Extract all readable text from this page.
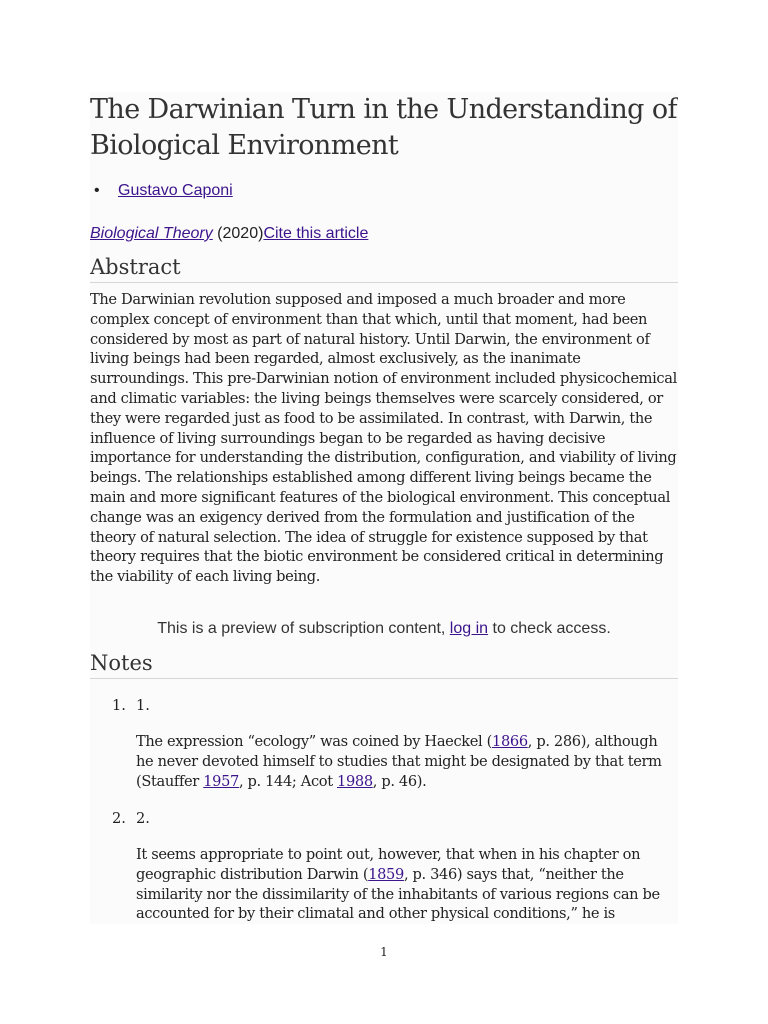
The Darwinian Turn in the Understanding of Biological Environment
• Gustavo Caponi
Biological Theory (2020)Cite this article
Abstract

The Darwinian revolution supposed and imposed a much broader and more complex concept of environment than that which, until that moment, had been considered by most as part of natural history. Until Darwin, the environment of living beings had been regarded, almost exclusively, as the inanimate surroundings. This pre-Darwinian notion of environment included physicochemical and climatic variables: the living beings themselves were scarcely considered, or they were regarded just as food to be assimilated. In contrast, with Darwin, the influence of living surroundings began to be regarded as having decisive importance for understanding the distribution, configuration, and viability of living beings. The relationships established among different living beings became the main and more significant features of the biological environment. This conceptual change was an exigency derived from the formulation and justification of the theory of natural selection. The idea of struggle for existence supposed by that theory requires that the biotic environment be considered critical in determining the viability of each living being.

This is a preview of subscription content, log in to check access.
Notes
1. 1.

The expression “ecology” was coined by Haeckel (1866, p. 286), although he never devoted himself to studies that might be designated by that term (Stauffer 1957, p. 144; Acot 1988, p. 46).

2. 2.

It seems appropriate to point out, however, that when in his chapter on geographic distribution Darwin (1859, p. 346) says that, “neither the similarity nor the dissimilarity of the inhabitants of various regions can be accounted for by their climatal and other physical conditions,” he is

1
